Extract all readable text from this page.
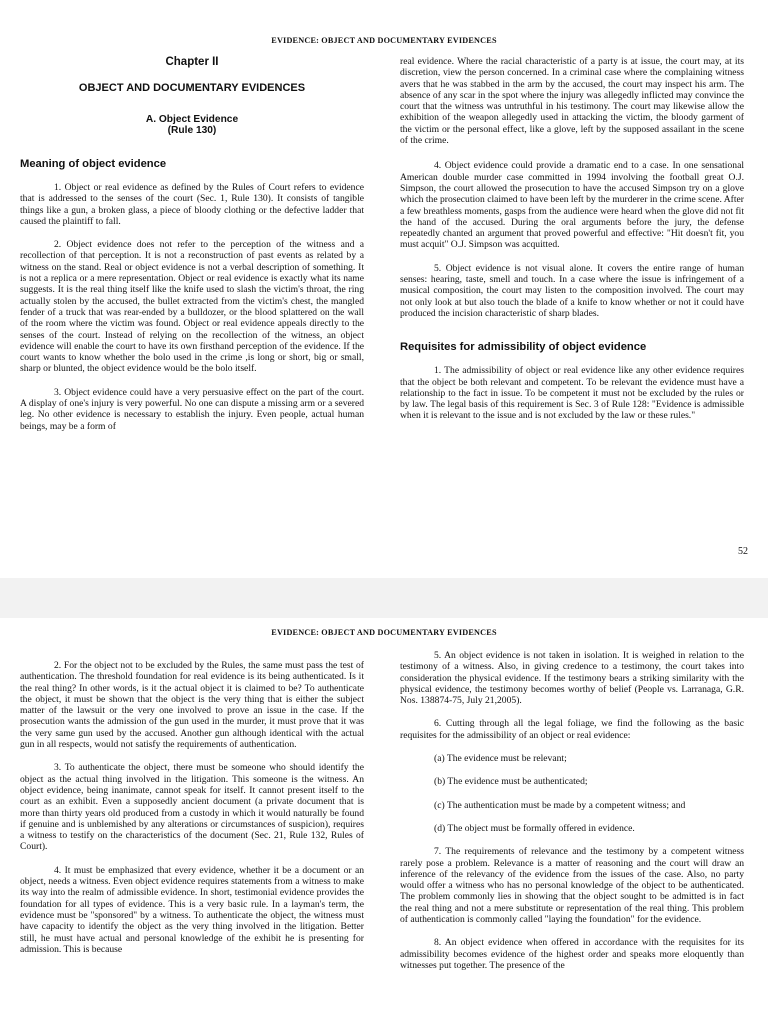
EVIDENCE: OBJECT AND DOCUMENTARY EVIDENCES
Chapter II
OBJECT AND DOCUMENTARY EVIDENCES
A. Object Evidence
(Rule 130)
Meaning of object evidence

1. Object or real evidence as defined by the Rules of Court refers to evidence that is addressed to the senses of the court (Sec. 1, Rule 130). It consists of tangible things like a gun, a broken glass, a piece of bloody clothing or the defective ladder that caused the plaintiff to fall.

2. Object evidence does not refer to the perception of the witness and a recollection of that perception. It is not a reconstruction of past events as related by a witness on the stand. Real or object evidence is not a verbal description of something. It is not a replica or a mere representation. Object or real evidence is exactly what its name suggests. It is the real thing itself like the knife used to slash the victim's throat, the ring actually stolen by the accused, the bullet extracted from the victim's chest, the mangled fender of a truck that was rear-ended by a bulldozer, or the blood splattered on the wall of the room where the victim was found. Object or real evidence appeals directly to the senses of the court. Instead of relying on the recollection of the witness, an object evidence will enable the court to have its own firsthand perception of the evidence. If the court wants to know whether the bolo used in the crime ,is long or short, big or small, sharp or blunted, the object evidence would be the bolo itself.

3. Object evidence could have a very persuasive effect on the part of the court. A display of one's injury is very powerful. No one can dispute a missing arm or a severed leg. No other evidence is necessary to establish the injury. Even people, actual human beings, may be a form of

real evidence. Where the racial characteristic of a party is at issue, the court may, at its discretion, view the person concerned. In a criminal case where the complaining witness avers that he was stabbed in the arm by the accused, the court may inspect his arm. The absence of any scar in the spot where the injury was allegedly inflicted may convince the court that the witness was untruthful in his testimony. The court may likewise allow the exhibition of the weapon allegedly used in attacking the victim, the bloody garment of the victim or the personal effect, like a glove, left by the supposed assailant in the scene of the crime.

4. Object evidence could provide a dramatic end to a case. In one sensational American double murder case committed in 1994 involving the football great O.J. Simpson, the court allowed the prosecution to have the accused Simpson try on a glove which the prosecution claimed to have been left by the murderer in the crime scene. After a few breathless moments, gasps from the audience were heard when the glove did not fit the hand of the accused. During the oral arguments before the jury, the defense repeatedly chanted an argument that proved powerful and effective: "Hit doesn't fit, you must acquit" O.J. Simpson was acquitted.

5. Object evidence is not visual alone. It covers the entire range of human senses: hearing, taste, smell and touch. In a case where the issue is infringement of a musical composition, the court may listen to the composition involved. The court may not only look at but also touch the blade of a knife to know whether or not it could have produced the incision characteristic of sharp blades.

Requisites for admissibility of object evidence

1. The admissibility of object or real evidence like any other evidence requires that the object be both relevant and competent. To be relevant the evidence must have a relationship to the fact in issue. To be competent it must not be excluded by the rules or by law. The legal basis of this requirement is Sec. 3 of Rule 128: "Evidence is admissible when it is relevant to the issue and is not excluded by the law or these rules."

52
EVIDENCE: OBJECT AND DOCUMENTARY EVIDENCES

2. For the object not to be excluded by the Rules, the same must pass the test of authentication. The threshold foundation for real evidence is its being authenticated. Is it the real thing? In other words, is it the actual object it is claimed to be? To authenticate the object, it must be shown that the object is the very thing that is either the subject matter of the lawsuit or the very one involved to prove an issue in the case. If the prosecution wants the admission of the gun used in the murder, it must prove that it was the very same gun used by the accused. Another gun although identical with the actual gun in all respects, would not satisfy the requirements of authentication.

3. To authenticate the object, there must be someone who should identify the object as the actual thing involved in the litigation. This someone is the witness. An object evidence, being inanimate, cannot speak for itself. It cannot present itself to the court as an exhibit. Even a supposedly ancient document (a private document that is more than thirty years old produced from a custody in which it would naturally be found if genuine and is unblemished by any alterations or circumstances of suspicion), requires a witness to testify on the characteristics of the document (Sec. 21, Rule 132, Rules of Court).

4. It must be emphasized that every evidence, whether it be a document or an object, needs a witness. Even object evidence requires statements from a witness to make its way into the realm of admissible evidence. In short, testimonial evidence provides the foundation for all types of evidence. This is a very basic rule. In a layman's term, the evidence must be "sponsored" by a witness. To authenticate the object, the witness must have capacity to identify the object as the very thing involved in the litigation. Better still, he must have actual and personal knowledge of the exhibit he is presenting for admission. This is because

5. An object evidence is not taken in isolation. It is weighed in relation to the testimony of a witness. Also, in giving credence to a testimony, the court takes into consideration the physical evidence. If the testimony bears a striking similarity with the physical evidence, the testimony becomes worthy of belief (People vs. Larranaga, G.R. Nos. 138874-75, July 21,2005).

6. Cutting through all the legal foliage, we find the following as the basic requisites for the admissibility of an object or real evidence:

(a) The evidence must be relevant;

(b) The evidence must be authenticated;

(c) The authentication must be made by a competent witness; and

(d) The object must be formally offered in evidence.

7. The requirements of relevance and the testimony by a competent witness rarely pose a problem. Relevance is a matter of reasoning and the court will draw an inference of the relevancy of the evidence from the issues of the case. Also, no party would offer a witness who has no personal knowledge of the object to be authenticated. The problem commonly lies in showing that the object sought to be admitted is in fact the real thing and not a mere substitute or representation of the real thing. This problem of authentication is commonly called "laying the foundation" for the evidence.

8. An object evidence when offered in accordance with the requisites for its admissibility becomes evidence of the highest order and speaks more eloquently than witnesses put together. The presence of the
